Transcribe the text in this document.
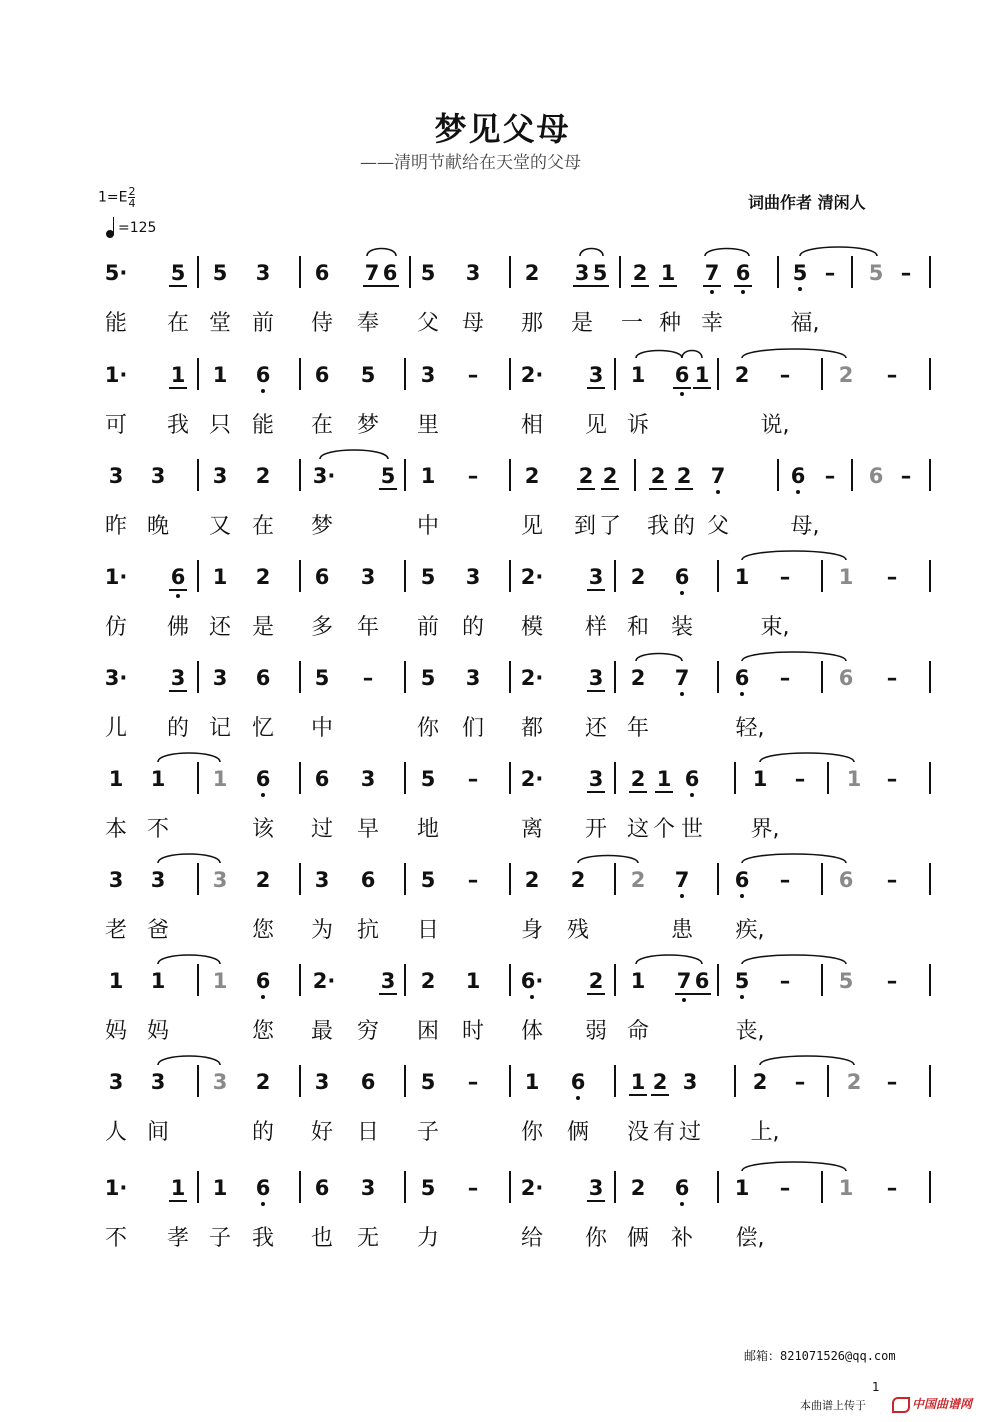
梦见父母
——清明节献给在天堂的父母
$1=E \frac{2}{4}$
=125
词曲作者 清闲人
5· 5 5 3 6 7 6 5 3 2 3 5 2 1 7 6 5 – 5 –
能 在 堂 前 侍 奉 父 母 那 是 一 种 幸	福,
1· 1 1 6 6 5 3 – 2· 3 1 6 1 2 – 2 –
可 我 只 能 在 梦 里	相 见 诉	说,
3 3 3 2 3· 5 1 – 2 2 2 2 2 7	6 – 6 –
昨 晚 又 在 梦	中	见 到 了 我 的 父	母,
1· 6 1 2 6 3 5 3 2· 3 2 6 1 – 1 –
仿 佛 还 是 多 年 前 的 模 样 和 装	束,
3· 3 3 6 5 – 5 3 2· 3 2 7 6 – 6 –
儿 的 记 忆 中	你 们 都 还 年	轻,
1 1 1 6 6 3 5 – 2· 3 2 1 6	1 – 1 –
本 不	该 过 早 地	离 开 这 个 世 界,
3 3 3 2 3 6 5 – 2 2 2 7 6 – 6 –
老 爸	您 为 抗 日	身 残	患 疾,
1 1 1 6 2· 3 2 1 6· 2 1 7 6 5 – 5 –
妈 妈	您 最 穷 困 时 体 弱 命	丧,
3 3 3 2 3 6 5 – 1 6 1 2 3	2 – 2 –
人 间	的 好 日 子	你 俩 没 有 过 上,
1· 1 1 6 6 3 5 – 2· 3 2 6 1 – 1 –
不 孝 子 我 也 无 力	给 你 俩 补 偿,
邮箱：821071526@qq.com
1
本曲谱上传于	中国曲谱网
